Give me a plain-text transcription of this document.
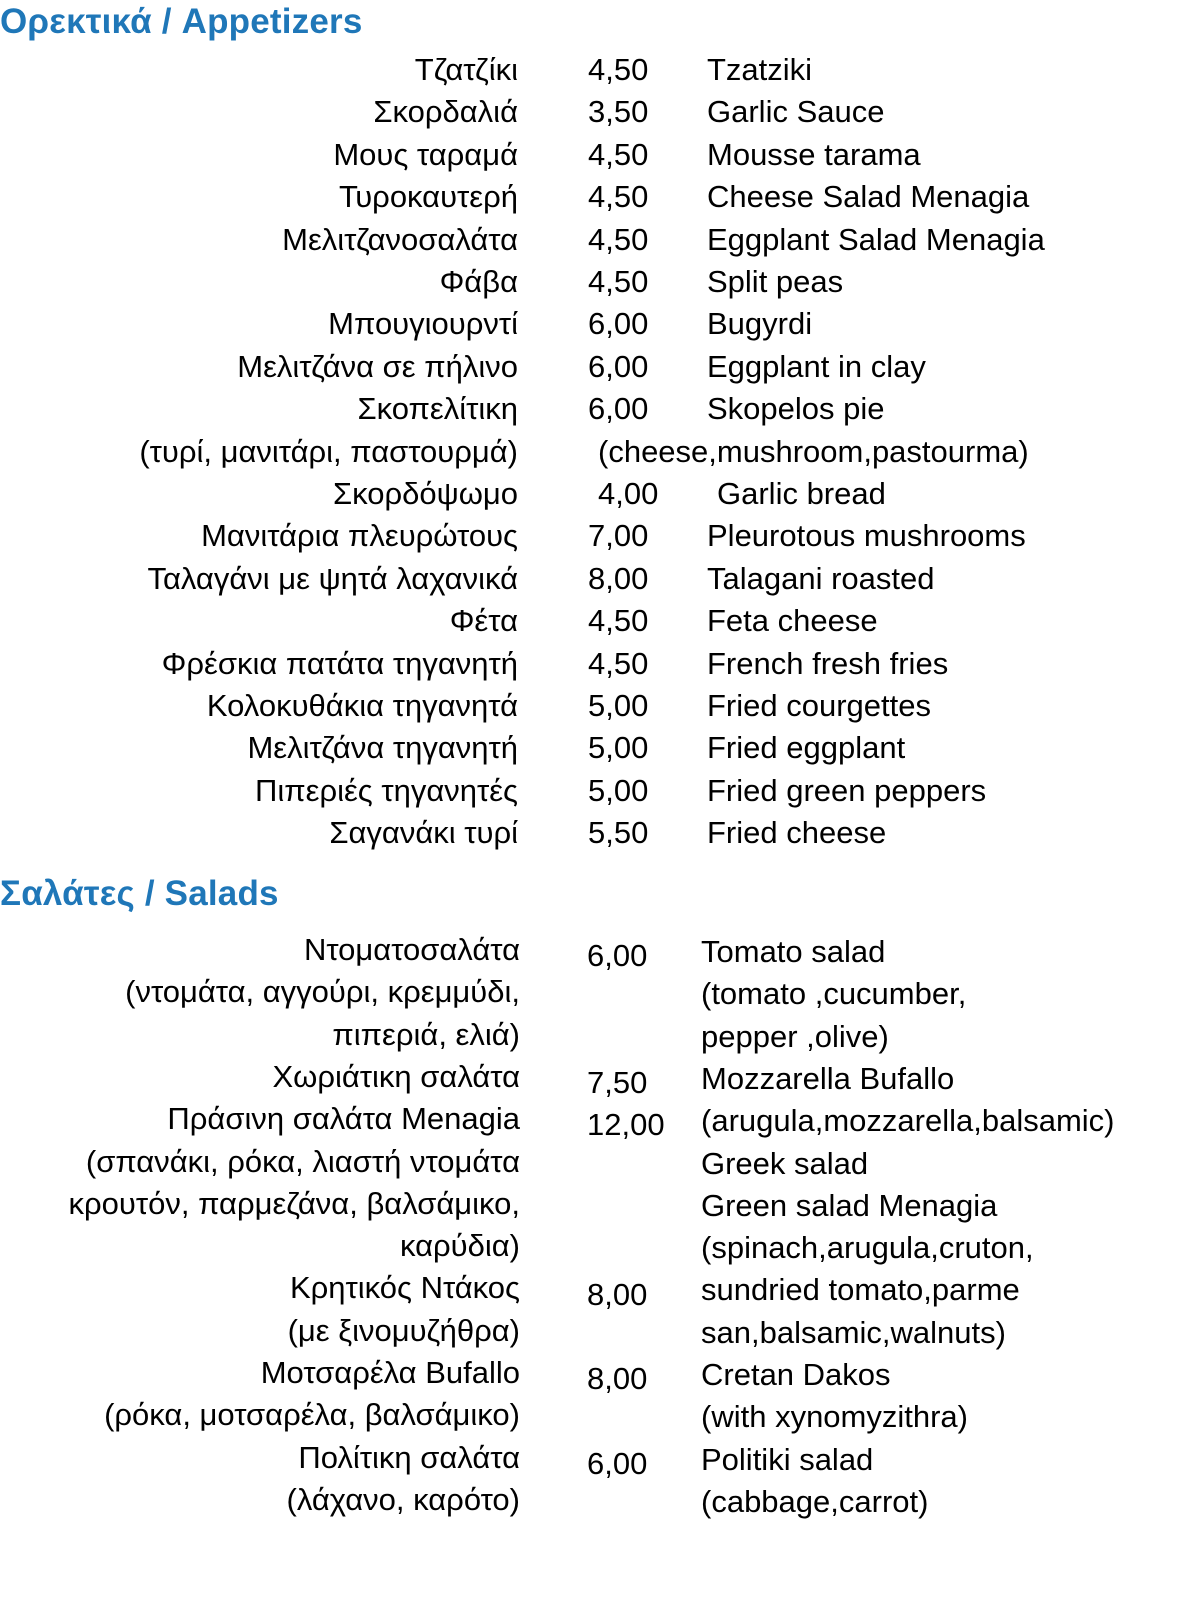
Ορεκτικά / Appetizers
Τζατζίκι 4,50 Tzatziki
Σκορδαλιά 3,50 Garlic Sauce
Μους ταραμά 4,50 Mousse tarama
Τυροκαυτερή 4,50 Cheese Salad Menagia
Μελιτζανοσαλάτα 4,50 Eggplant Salad Menagia
Φάβα 4,50 Split peas
Μπουγιουρντί 6,00 Bugyrdi
Μελιτζάνα σε πήλινο 6,00 Eggplant in clay
Σκοπελίτικη 6,00 Skopelos pie
(τυρί, μανιτάρι, παστουρμά)	(cheese,mushroom,pastourma)
Σκορδόψωμο	4,00 Garlic bread
Μανιτάρια πλευρώτους 7,00 Pleurotous mushrooms
Ταλαγάνι με ψητά λαχανικά 8,00 Talagani roasted
Φέτα 4,50 Feta cheese
Φρέσκια πατάτα τηγανητή 4,50 French fresh fries
Κολοκυθάκια τηγανητά 5,00 Fried courgettes
Μελιτζάνα τηγανητή 5,00 Fried eggplant
Πιπεριές τηγανητές 5,00 Fried green peppers
Σαγανάκι τυρί 5,50 Fried cheese
Σαλάτες / Salads
Ντοματοσαλάτα
(ντομάτα, αγγούρι, κρεμμύδι,
πιπεριά, ελιά)
Χωριάτικη σαλάτα
Πράσινη σαλάτα Menagia
(σπανάκι, ρόκα, λιαστή ντομάτα
κρουτόν, παρμεζάνα, βαλσάμικο,
καρύδια)
Κρητικός Ντάκος
(με ξινομυζήθρα)
Μοτσαρέλα Bufallo
(ρόκα, μοτσαρέλα, βαλσάμικο)
Πολίτικη σαλάτα
(λάχανο, καρότο)
6,00
7,50
12,00
8,00
8,00
6,00
Tomato salad
(tomato ,cucumber,
pepper ,olive)
Mozzarella Bufallo
(arugula,mozzarella,balsamic)
Greek salad
Green salad Menagia
(spinach,arugula,cruton,
sundried tomato,parme
san,balsamic,walnuts)
Cretan Dakos
(with xynomyzithra)
Politiki salad
(cabbage,carrot)
